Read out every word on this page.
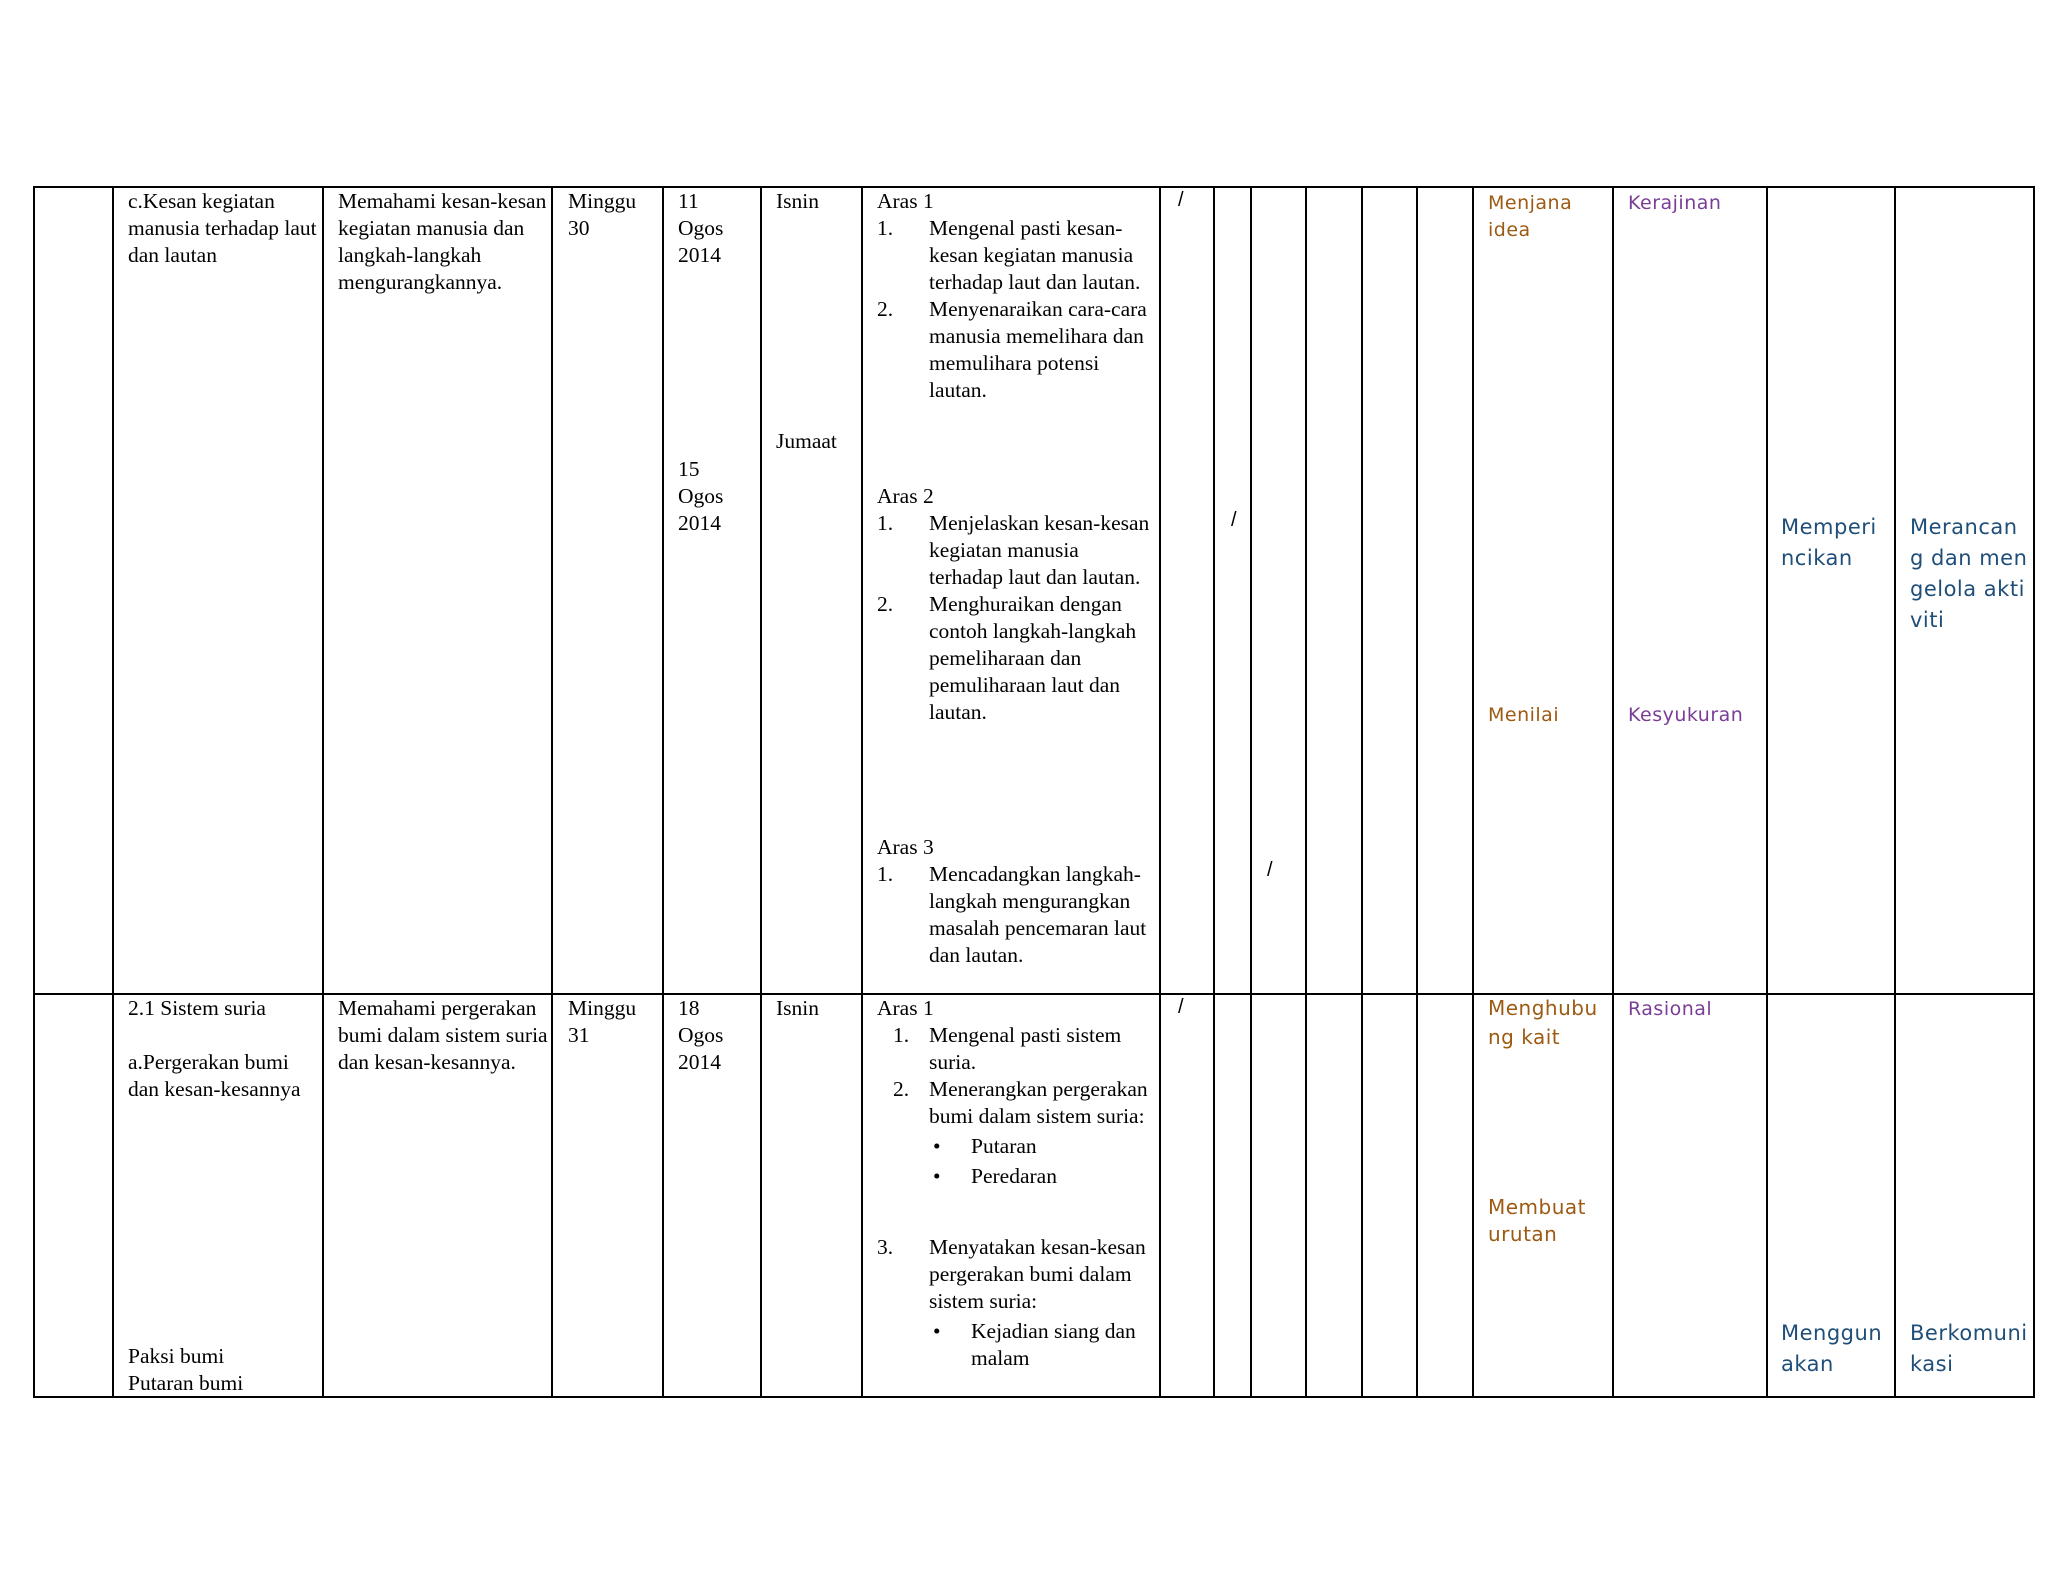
c.Kesan kegiatan manusia terhadap laut dan lautan
Memahami kesan-kesan kegiatan manusia dan langkah-langkah mengurangkannya.
Minggu 30
11 Ogos 2014
15 Ogos 2014
Isnin
Jumaat
Aras 1
1. Mengenal pasti kesan-kesan kegiatan manusia terhadap laut dan lautan.
2. Menyenaraikan cara-cara manusia memelihara dan memulihara potensi lautan.
Aras 2
1. Menjelaskan kesan-kesan kegiatan manusia terhadap laut dan lautan.
2. Menghuraikan dengan contoh langkah-langkah pemeliharaan dan pemuliharaan laut dan lautan.
Aras 3
1. Mencadangkan langkah-langkah mengurangkan masalah pencemaran laut dan lautan.
/
/
/
Menjana idea
Menilai
Kerajinan
Kesyukuran
Memperincikan
Merancang dan mengelola aktiviti
2.1 Sistem suria
a.Pergerakan bumi dan kesan-kesannya
Paksi bumi
Putaran bumi
Memahami pergerakan bumi dalam sistem suria dan kesan-kesannya.
Minggu 31
18 Ogos 2014
Isnin	Aras 1
1. Mengenal pasti sistem suria.
2. Menerangkan pergerakan bumi dalam sistem suria:
• Putaran
• Peredaran
3. Menyatakan kesan-kesan pergerakan bumi dalam sistem suria:
• Kejadian siang dan malam
/	Menghubung kait
Membuat urutan
Rasional
Menggunakan
Berkomunikasi
